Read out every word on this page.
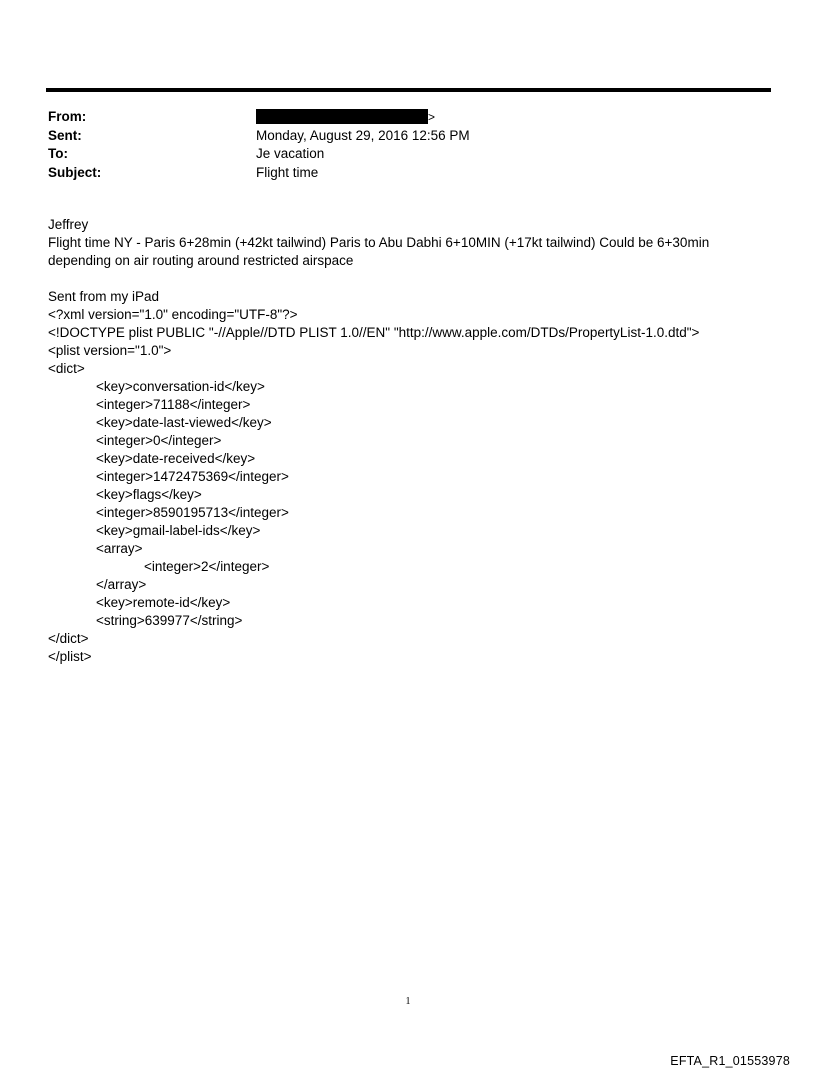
From:	>
Sent:	Monday, August 29, 2016 12:56 PM
To:	Je vacation
Subject:	Flight time
Jeffrey
Flight time NY - Paris 6+28min (+42kt tailwind) Paris to Abu Dabhi 6+10MIN (+17kt tailwind) Could be 6+30min
depending on air routing around restricted airspace
Sent from my iPad
<?xml version="1.0" encoding="UTF-8"?>
<!DOCTYPE plist PUBLIC "-//Apple//DTD PLIST 1.0//EN" "http://www.apple.com/DTDs/PropertyList-1.0.dtd">
<plist version="1.0">
<dict>
<key>conversation-id</key>
<integer>71188</integer>
<key>date-last-viewed</key>
<integer>0</integer>
<key>date-received</key>
<integer>1472475369</integer>
<key>flags</key>
<integer>8590195713</integer>
<key>gmail-label-ids</key>
<array>
<integer>2</integer>
</array>
<key>remote-id</key>
<string>639977</string>
</dict>
</plist>
1
EFTA_R1_01553978
